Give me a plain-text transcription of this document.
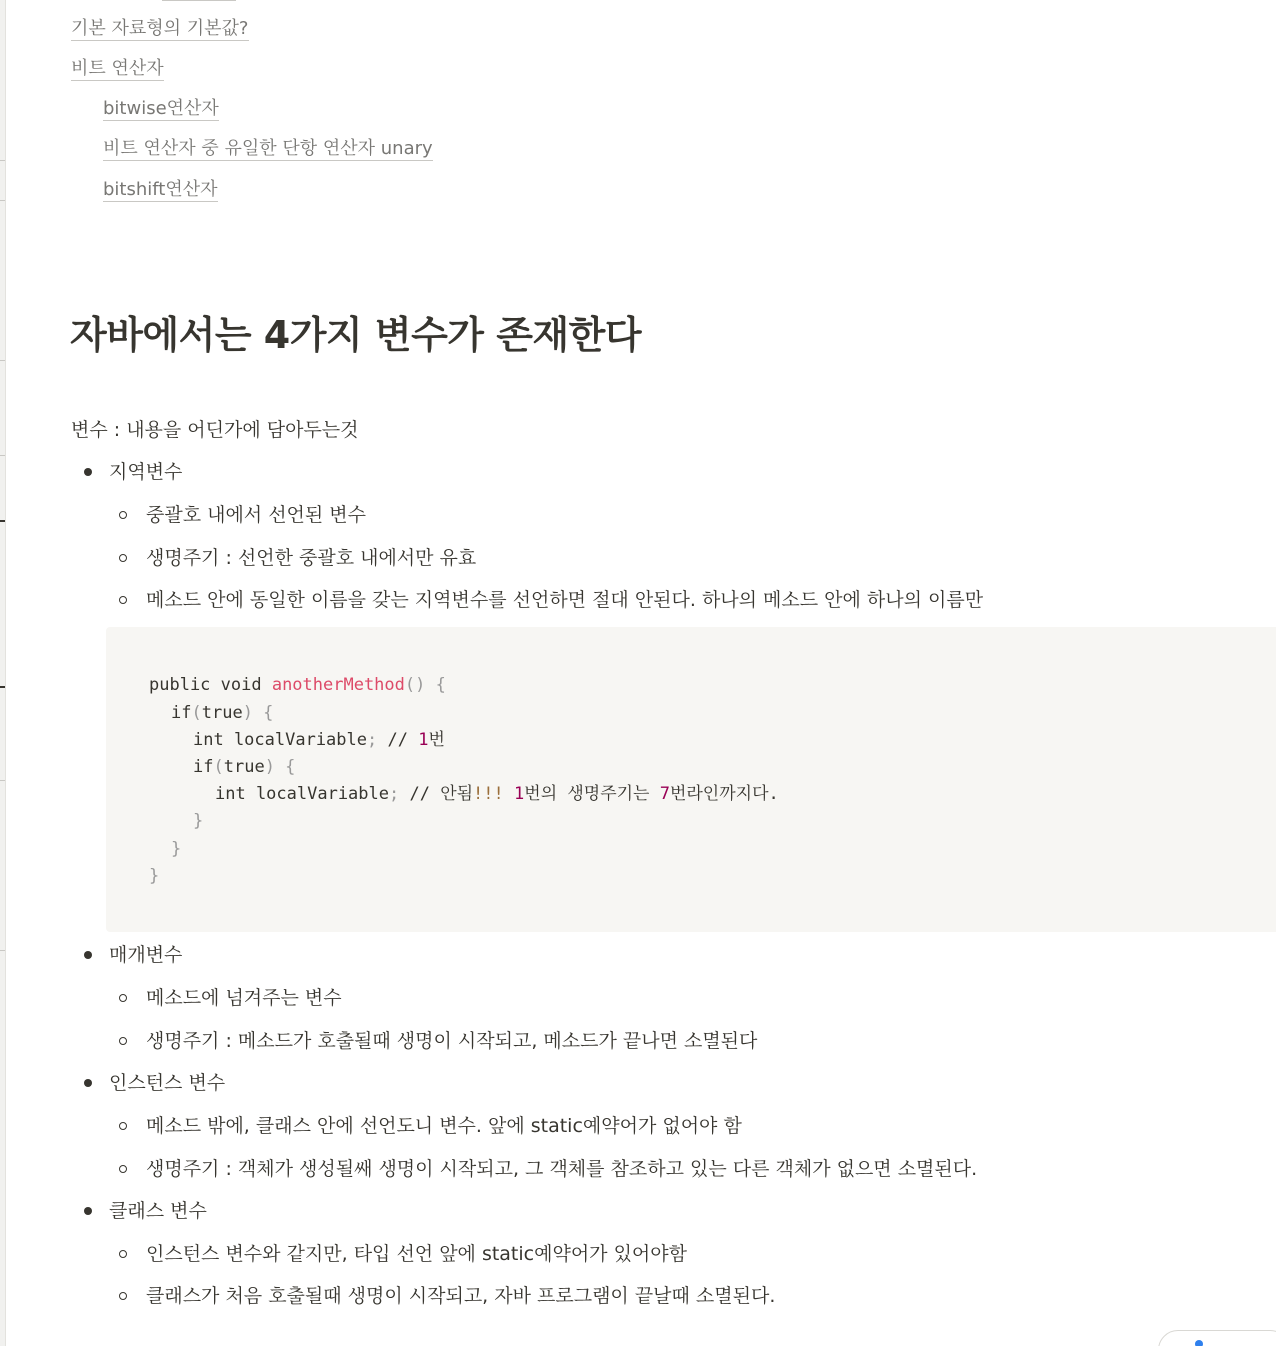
기본 자료형의 기본값?
비트 연산자
bitwise연산자
비트 연산자 중 유일한 단항 연산자 unary
bitshift연산자
자바에서는 4가지 변수가 존재한다
변수 : 내용을 어딘가에 담아두는것
지역변수
중괄호 내에서 선언된 변수
생명주기 : 선언한 중괄호 내에서만 유효
메소드 안에 동일한 이름을 갖는 지역변수를 선언하면 절대 안된다. 하나의 메소드 안에 하나의 이름만
public void anotherMethod() {
if(true) {
int localVariable; // 1번
if(true) {
int localVariable; // 안됨!!! 1번의 생명주기는 7번라인까지다.
}
}
}
매개변수
메소드에 넘겨주는 변수
생명주기 : 메소드가 호출될때 생명이 시작되고, 메소드가 끝나면 소멸된다
인스턴스 변수
메소드 밖에, 클래스 안에 선언도니 변수. 앞에 static예약어가 없어야 함
생명주기 : 객체가 생성될쌔 생명이 시작되고, 그 객체를 참조하고 있는 다른 객체가 없으면 소멸된다.
클래스 변수
인스턴스 변수와 같지만, 타입 선언 앞에 static예약어가 있어야함
클래스가 처음 호출될때 생명이 시작되고, 자바 프로그램이 끝날때 소멸된다.
